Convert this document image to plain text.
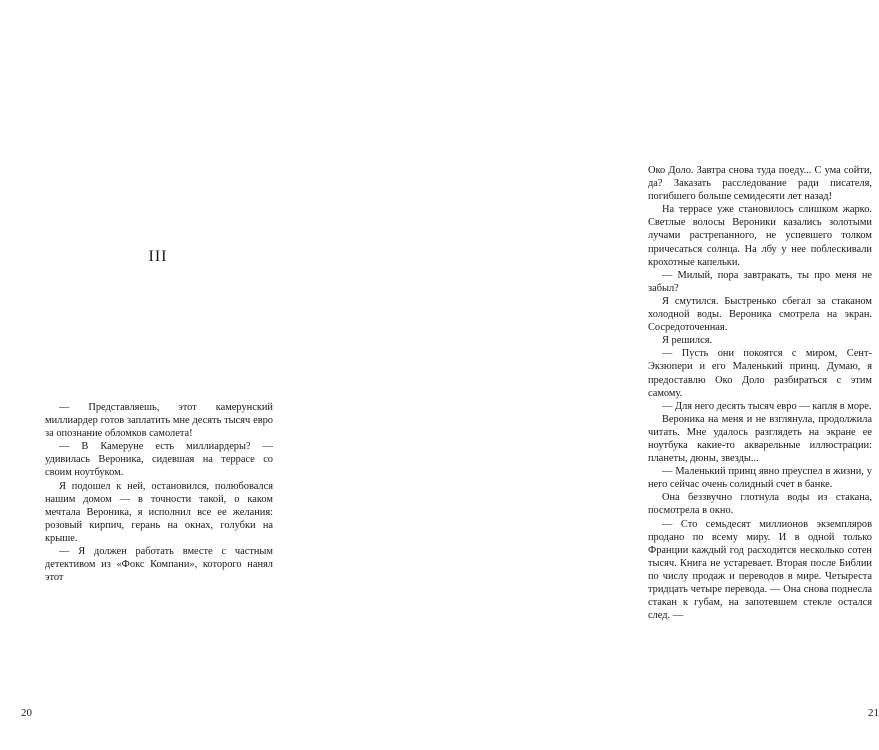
III

— Представляешь, этот камерунский миллиардер готов заплатить мне десять тысяч евро за опознание обломков самолета!

— В Камеруне есть миллиардеры? — удивилась Вероника, сидевшая на террасе со своим ноутбуком.

Я подошел к ней, остановился, полюбовался нашим домом — в точности такой, о каком мечтала Вероника, я исполнил все ее желания: розовый кирпич, герань на окнах, голубки на крыше.

— Я должен работать вместе с частным детективом из «Фокс Компани», которого нанял этот

20

Око Доло. Завтра снова туда поеду... С ума сойти, да? Заказать расследование ради писателя, погибшего больше семидесяти лет назад!

На террасе уже становилось слишком жарко. Светлые волосы Вероники казались золотыми лучами растрепанного, не успевшего толком причесаться солнца. На лбу у нее поблескивали крохотные капельки.

— Милый, пора завтракать, ты про меня не забыл?

Я смутился. Быстренько сбегал за стаканом холодной воды. Вероника смотрела на экран. Сосредоточенная.

Я решился.

— Пусть они покоятся с миром, Сент-Экзюпери и его Маленький принц. Думаю, я предоставлю Око Доло разбираться с этим самому.

— Для него десять тысяч евро — капля в море.

Вероника на меня и не взглянула, продолжила читать. Мне удалось разглядеть на экране ее ноутбука какие-то акварельные иллюстрации: планеты, дюны, звезды...

— Маленький принц явно преуспел в жизни, у него сейчас очень солидный счет в банке.

Она беззвучно глотнула воды из стакана, посмотрела в окно.

— Сто семьдесят миллионов экземпляров продано по всему миру. И в одной только Франции каждый год расходится несколько сотен тысяч. Книга не устаревает. Вторая после Библии по числу продаж и переводов в мире. Четыреста тридцать четыре перевода. — Она снова поднесла стакан к губам, на запотевшем стекле остался след. —

21
